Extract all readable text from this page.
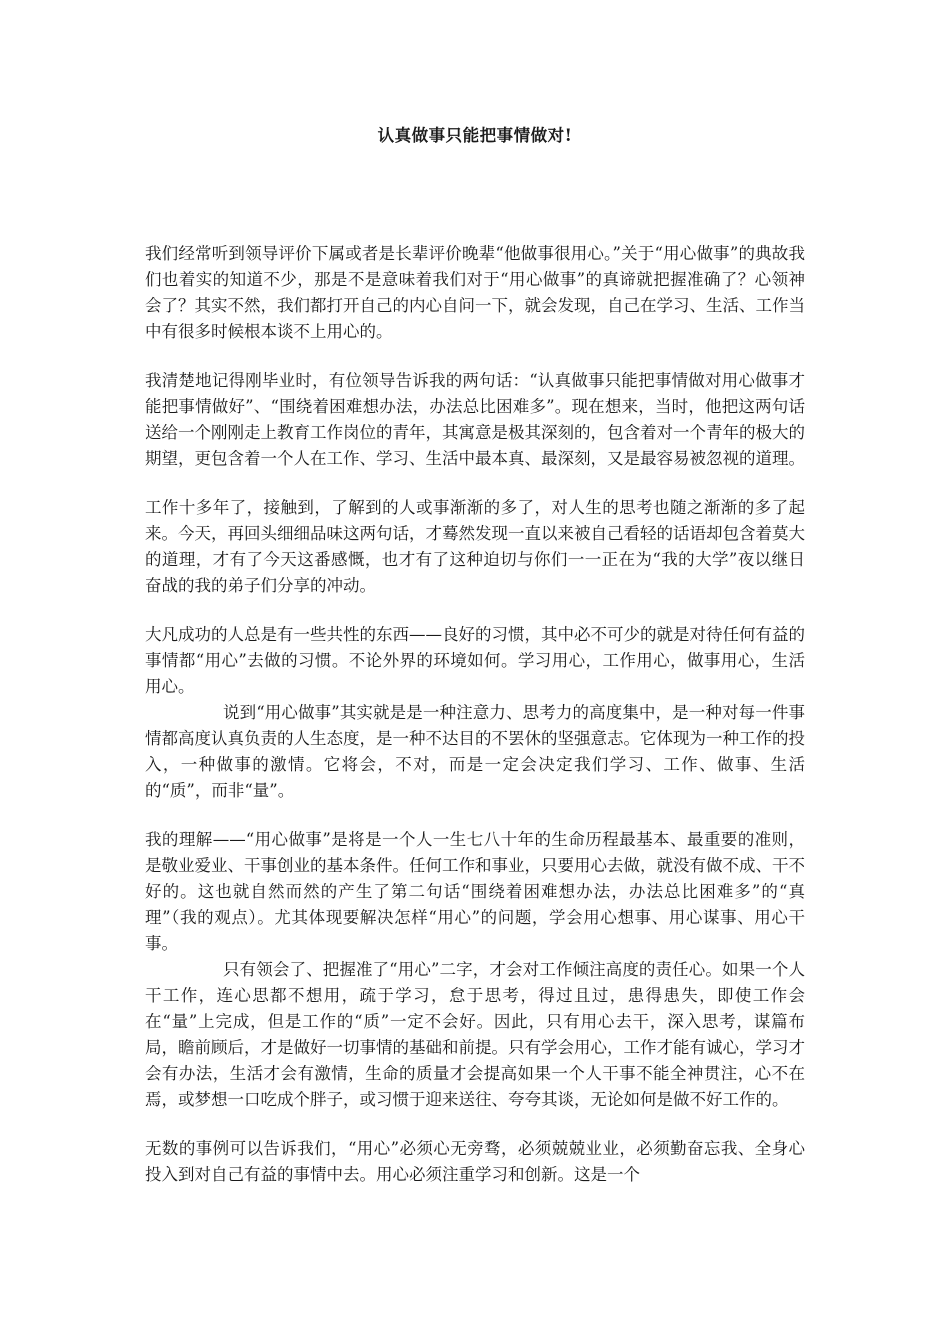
认真做事只能把事情做对!

我们经常听到领导评价下属或者是长辈评价晚辈“他做事很用心。”关于“用心做事”的典故我们也着实的知道不少，那是不是意味着我们对于“用心做事”的真谛就把握准确了？心领神会了？其实不然，我们都打开自己的内心自问一下，就会发现，自己在学习、生活、工作当中有很多时候根本谈不上用心的。

我清楚地记得刚毕业时，有位领导告诉我的两句话：“认真做事只能把事情做对用心做事才能把事情做好”、“围绕着困难想办法，办法总比困难多”。现在想来，当时，他把这两句话送给一个刚刚走上教育工作岗位的青年，其寓意是极其深刻的，包含着对一个青年的极大的期望，更包含着一个人在工作、学习、生活中最本真、最深刻，又是最容易被忽视的道理。

工作十多年了，接触到，了解到的人或事渐渐的多了，对人生的思考也随之渐渐的多了起来。今天，再回头细细品味这两句话，才蓦然发现一直以来被自己看轻的话语却包含着莫大的道理，才有了今天这番感慨，也才有了这种迫切与你们一一正在为“我的大学”夜以继日奋战的我的弟子们分享的冲动。

大凡成功的人总是有一些共性的东西——良好的习惯，其中必不可少的就是对待任何有益的事情都“用心”去做的习惯。不论外界的环境如何。学习用心，工作用心，做事用心，生活用心。

说到“用心做事”其实就是是一种注意力、思考力的高度集中，是一种对每一件事情都高度认真负责的人生态度，是一种不达目的不罢休的坚强意志。它体现为一种工作的投入，一种做事的激情。它将会，不对，而是一定会决定我们学习、工作、做事、生活的“质”，而非“量”。

我的理解——“用心做事”是将是一个人一生七八十年的生命历程最基本、最重要的准则，是敬业爱业、干事创业的基本条件。任何工作和事业，只要用心去做，就没有做不成、干不好的。这也就自然而然的产生了第二句话“围绕着困难想办法，办法总比困难多”的“真理”（我的观点）。尤其体现要解决怎样“用心”的问题，学会用心想事、用心谋事、用心干事。

只有领会了、把握准了“用心”二字，才会对工作倾注高度的责任心。如果一个人干工作，连心思都不想用，疏于学习，怠于思考，得过且过，患得患失，即使工作会在“量”上完成，但是工作的“质”一定不会好。因此，只有用心去干，深入思考，谋篇布局，瞻前顾后，才是做好一切事情的基础和前提。只有学会用心，工作才能有诚心，学习才会有办法，生活才会有激情，生命的质量才会提高如果一个人干事不能全神贯注，心不在焉，或梦想一口吃成个胖子，或习惯于迎来送往、夸夸其谈，无论如何是做不好工作的。

无数的事例可以告诉我们，“用心”必须心无旁骛，必须兢兢业业，必须勤奋忘我、全身心投入到对自己有益的事情中去。用心必须注重学习和创新。这是一个
